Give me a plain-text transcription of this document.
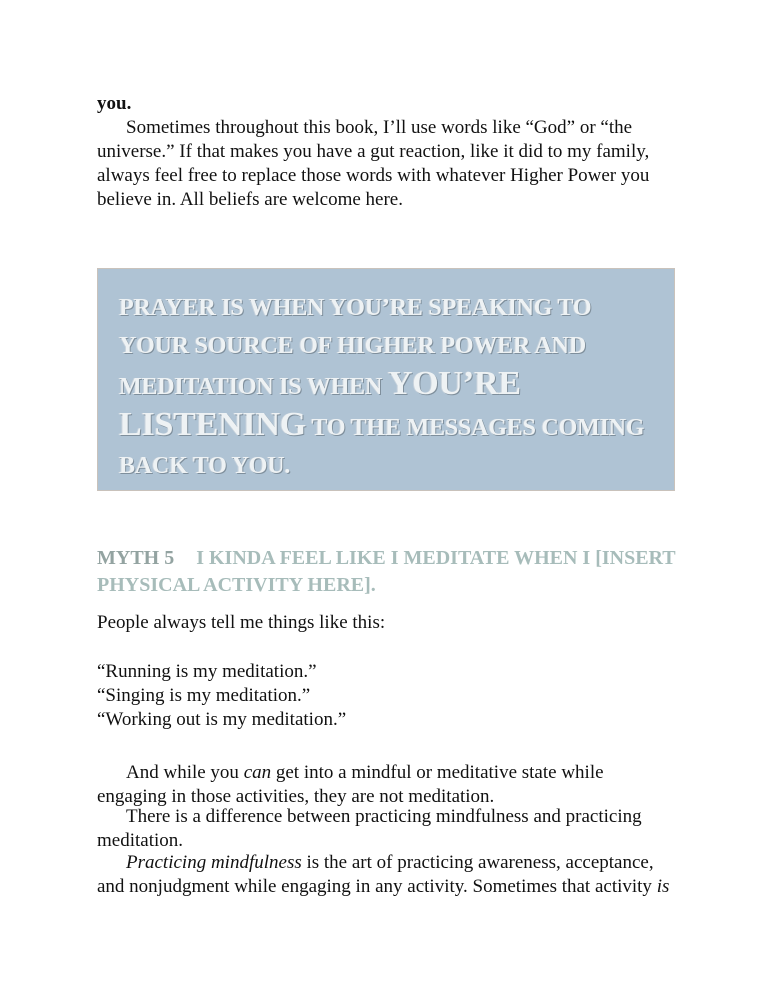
you.

Sometimes throughout this book, I’ll use words like “God” or “the universe.” If that makes you have a gut reaction, like it did to my family, always feel free to replace those words with whatever Higher Power you believe in. All beliefs are welcome here.

PRAYER IS WHEN YOU’RE SPEAKING TO YOUR SOURCE OF HIGHER POWER AND MEDITATION IS WHEN YOU’RE LISTENING TO THE MESSAGES COMING BACK TO YOU.
MYTH 5 I KINDA FEEL LIKE I MEDITATE WHEN I [INSERT PHYSICAL ACTIVITY HERE].

People always tell me things like this:

“Running is my meditation.”

“Singing is my meditation.”

“Working out is my meditation.”

And while you can get into a mindful or meditative state while engaging in those activities, they are not meditation.

There is a difference between practicing mindfulness and practicing meditation.

Practicing mindfulness is the art of practicing awareness, acceptance, and nonjudgment while engaging in any activity. Sometimes that activity is
